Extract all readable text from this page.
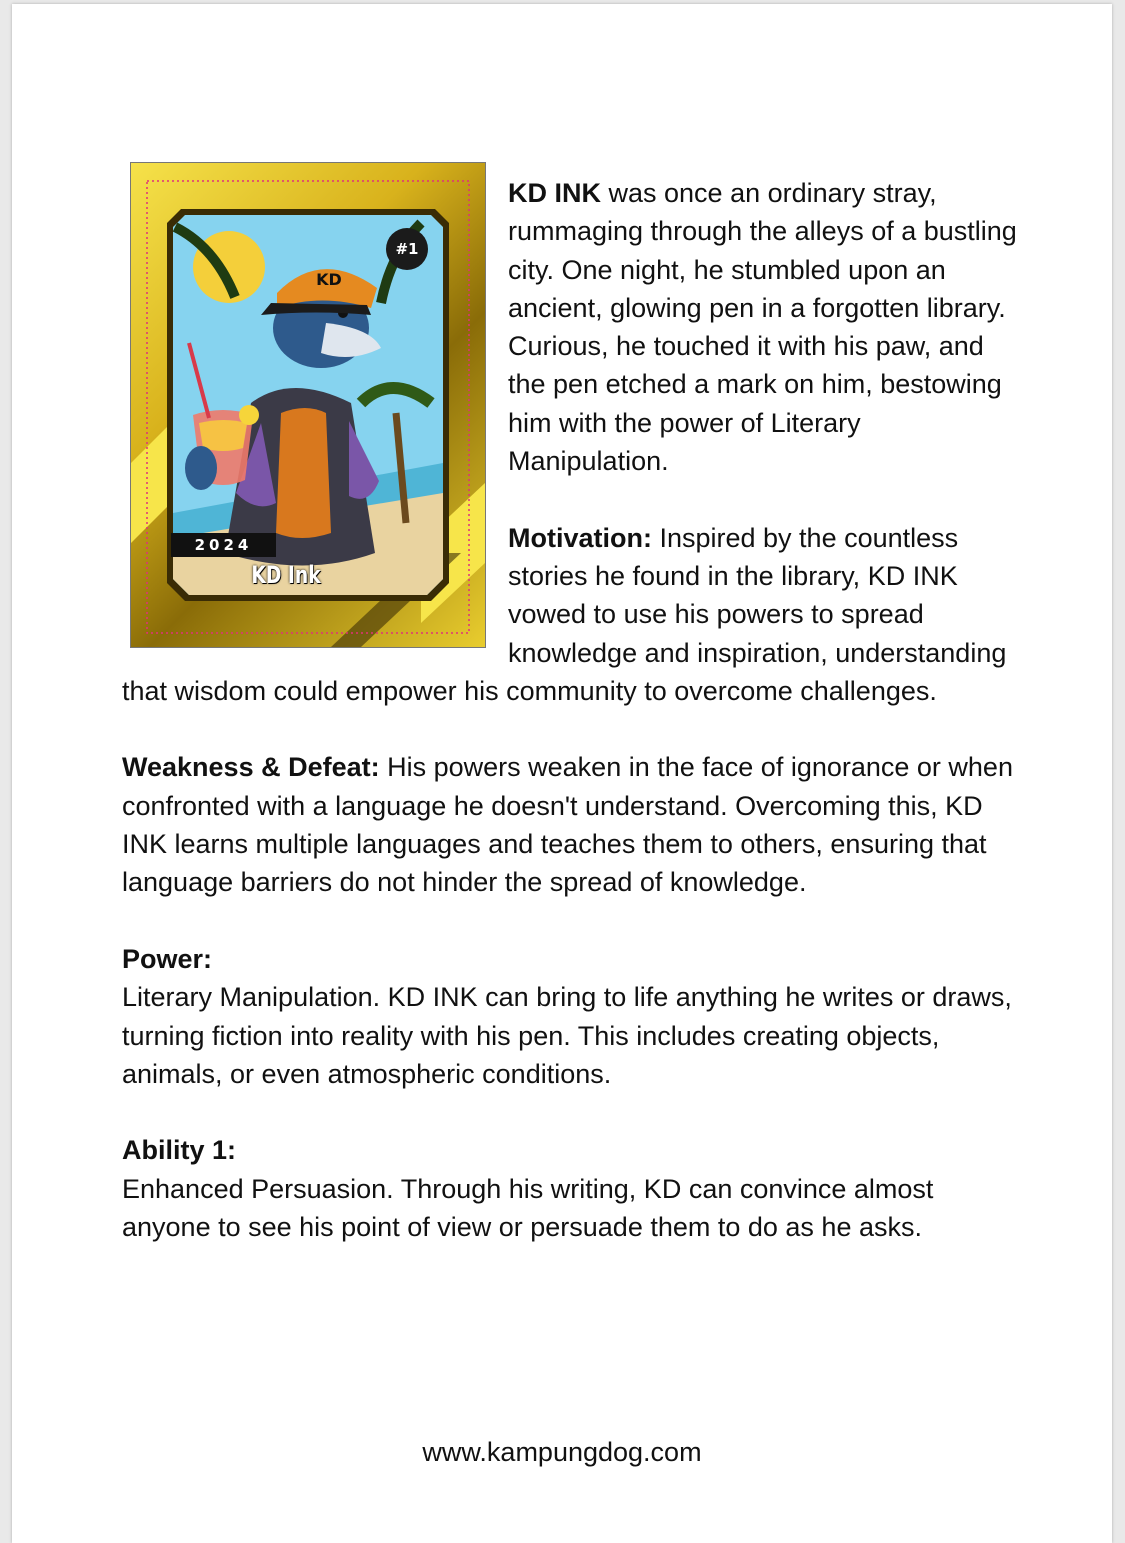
KD
#1
2024
KD Ink

KD INK was once an ordinary stray, rummaging through the alleys of a bustling city. One night, he stumbled upon an ancient, glowing pen in a forgotten library. Curious, he touched it with his paw, and the pen etched a mark on him, bestowing him with the power of Literary Manipulation.

Motivation: Inspired by the countless stories he found in the library, KD INK vowed to use his powers to spread knowledge and inspiration, understanding that wisdom could empower his community to overcome challenges.

Weakness & Defeat: His powers weaken in the face of ignorance or when confronted with a language he doesn't understand. Overcoming this, KD INK learns multiple languages and teaches them to others, ensuring that language barriers do not hinder the spread of knowledge.

Power:

Literary Manipulation. KD INK can bring to life anything he writes or draws, turning fiction into reality with his pen. This includes creating objects, animals, or even atmospheric conditions.

Ability 1:

Enhanced Persuasion. Through his writing, KD can convince almost anyone to see his point of view or persuade them to do as he asks.

www.kampungdog.com
